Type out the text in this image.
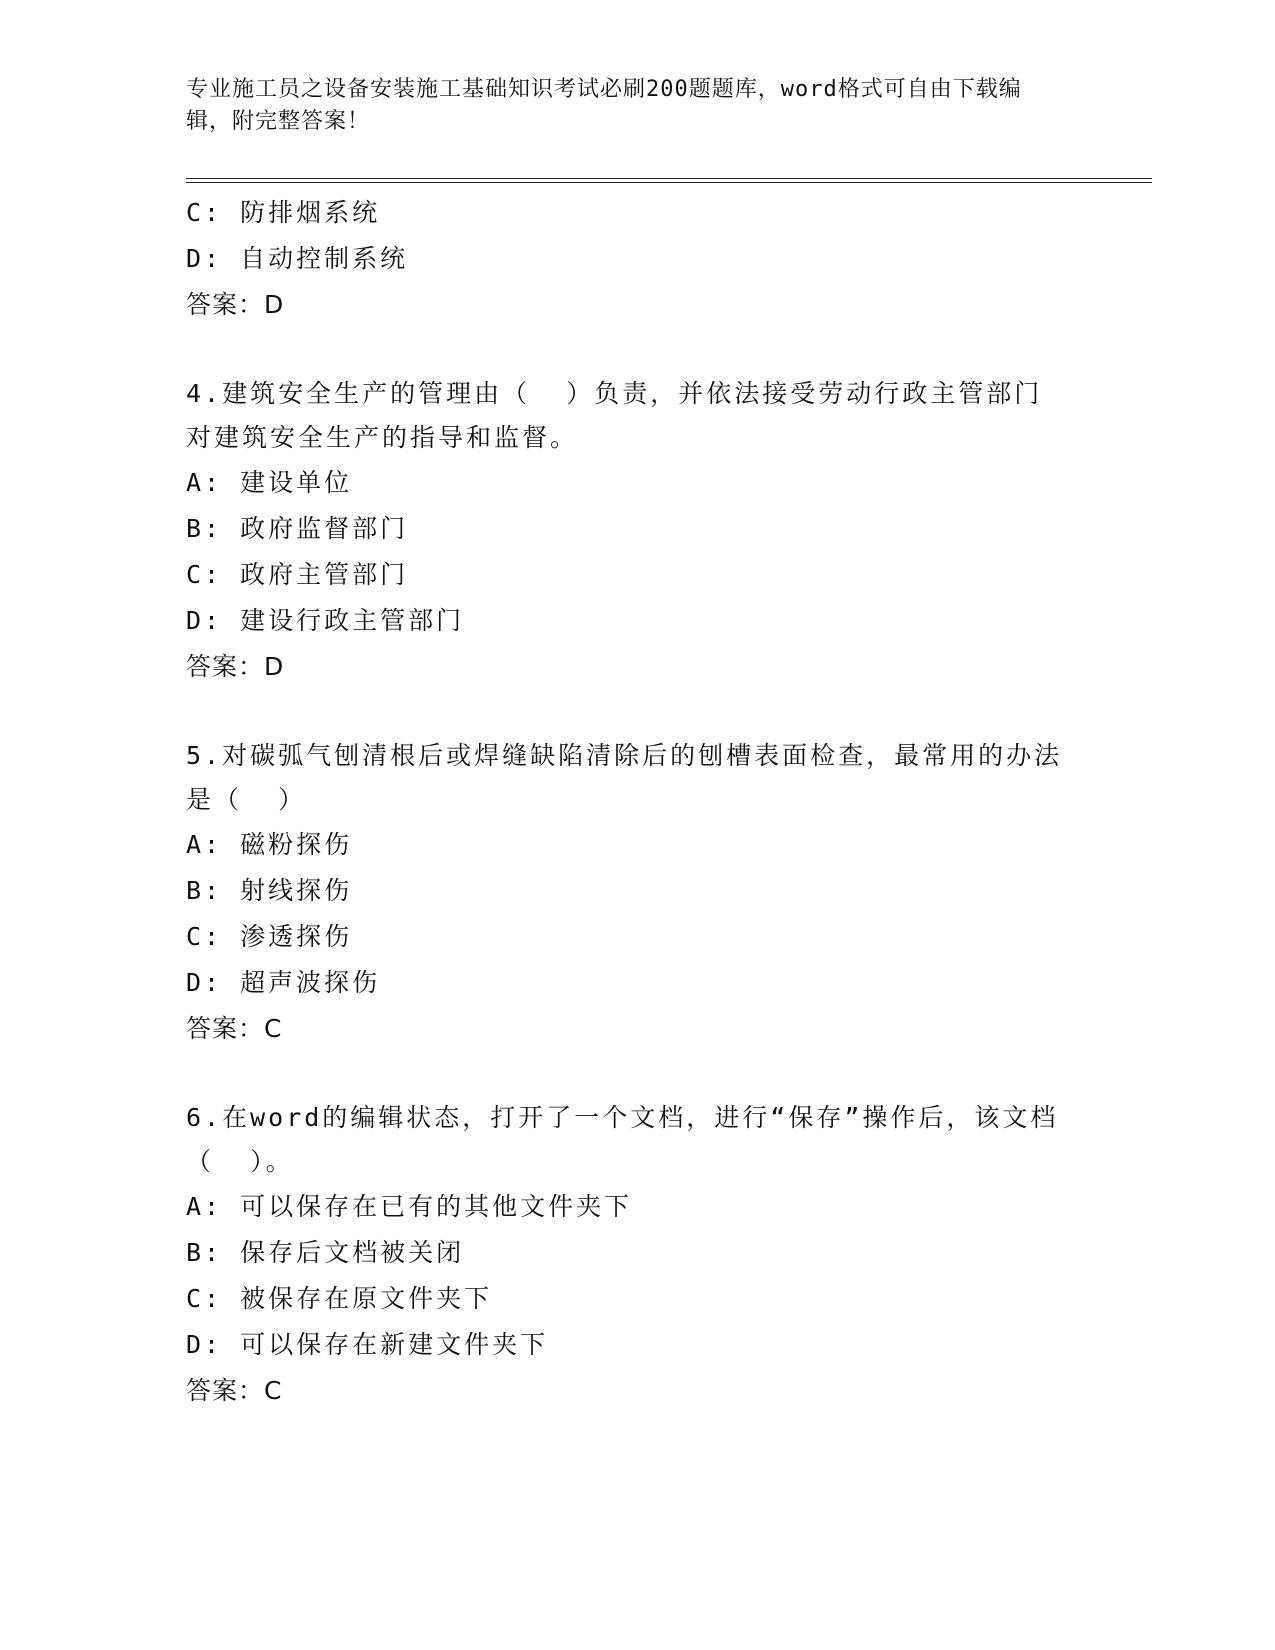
专业施工员之设备安装施工基础知识考试必刷200题题库，word格式可自由下载编辑，附完整答案！
C: 防排烟系统
D: 自动控制系统
答案：D
4.建筑安全生产的管理由（  ）负责，并依法接受劳动行政主管部门对建筑安全生产的指导和监督。
A: 建设单位
B: 政府监督部门
C: 政府主管部门
D: 建设行政主管部门
答案：D
5.对碳弧气刨清根后或焊缝缺陷清除后的刨槽表面检查，最常用的办法是（  ）
A: 磁粉探伤
B: 射线探伤
C: 渗透探伤
D: 超声波探伤
答案：C
6.在word的编辑状态，打开了一个文档，进行“保存”操作后，该文档（  ）。
A: 可以保存在已有的其他文件夹下
B: 保存后文档被关闭
C: 被保存在原文件夹下
D: 可以保存在新建文件夹下
答案：C
